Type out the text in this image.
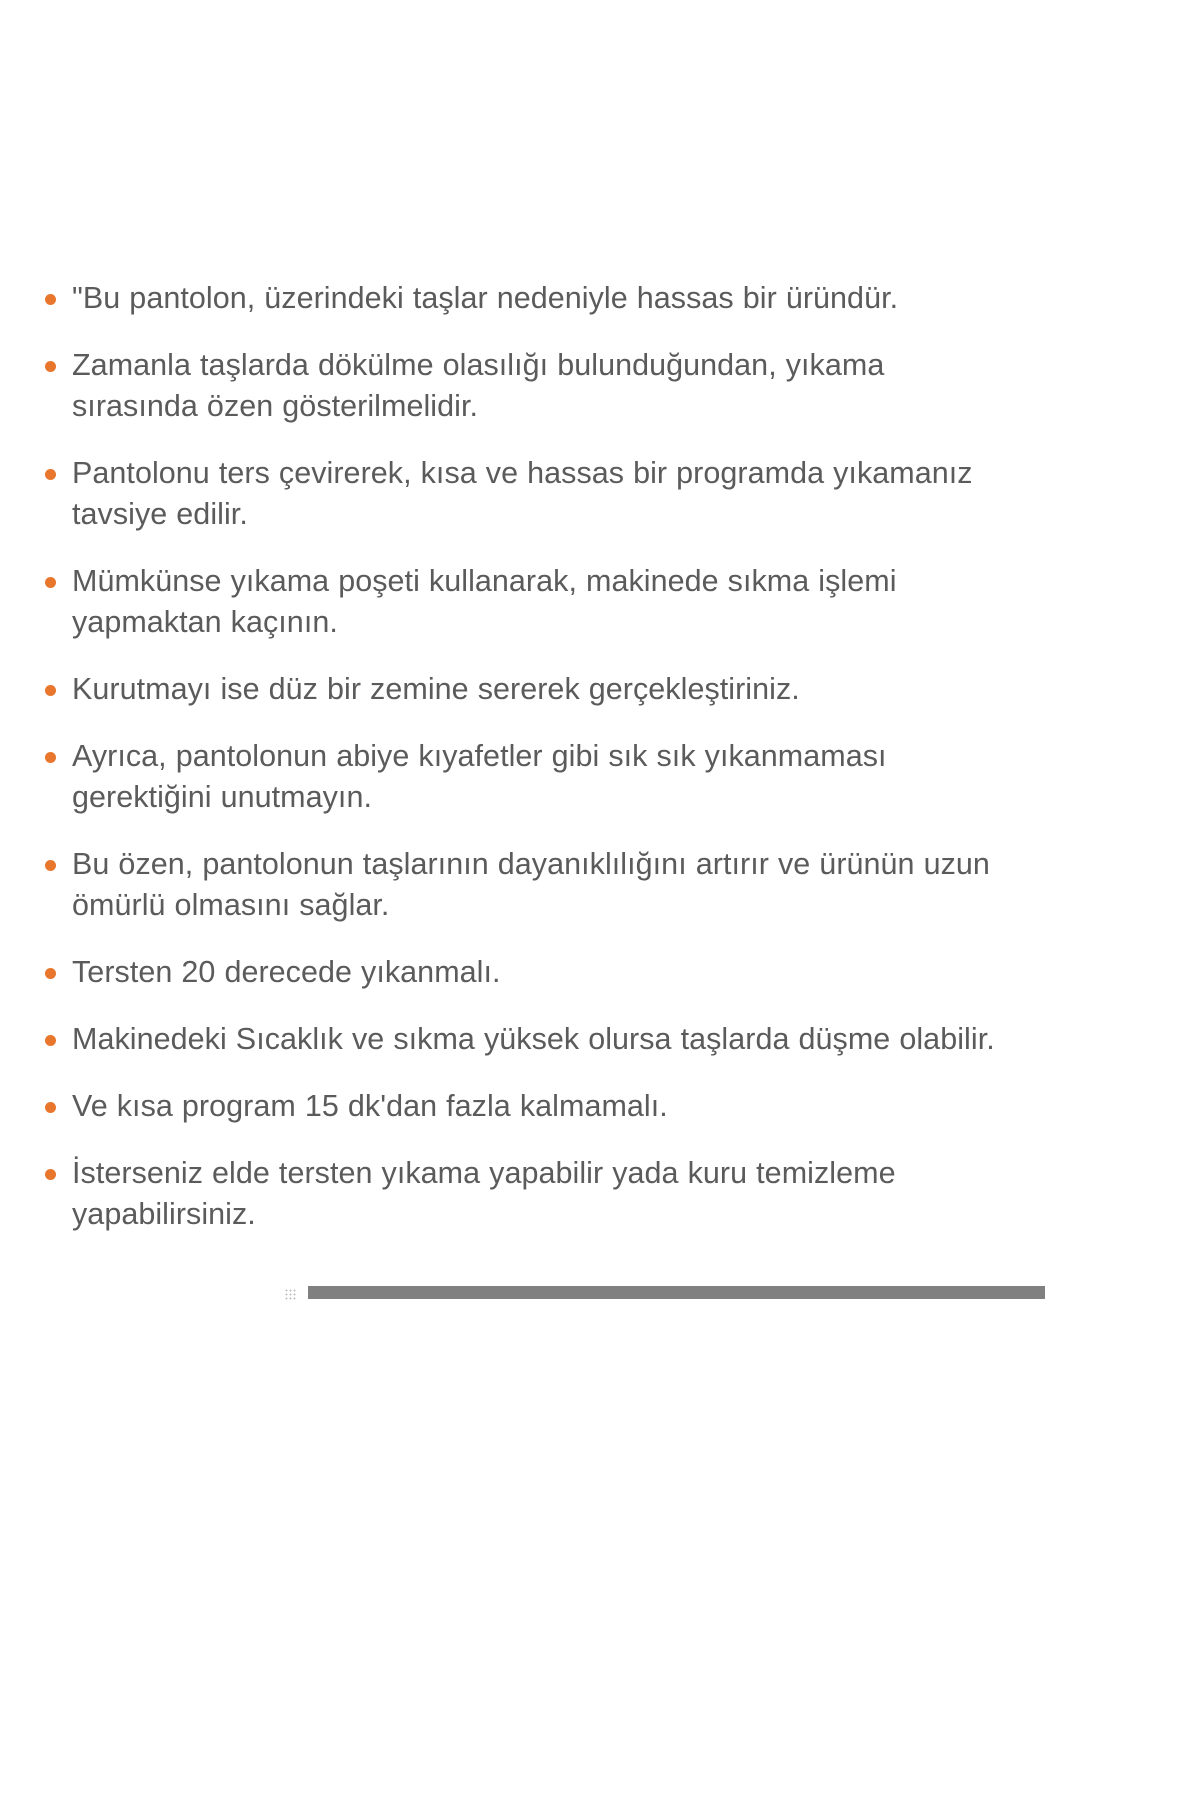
"Bu pantolon, üzerindeki taşlar nedeniyle hassas bir üründür.
Zamanla taşlarda dökülme olasılığı bulunduğundan, yıkama sırasında özen gösterilmelidir.
Pantolonu ters çevirerek, kısa ve hassas bir programda yıkamanız tavsiye edilir.
Mümkünse yıkama poşeti kullanarak, makinede sıkma işlemi yapmaktan kaçının.
Kurutmayı ise düz bir zemine sererek gerçekleştiriniz.
Ayrıca, pantolonun abiye kıyafetler gibi sık sık yıkanmaması gerektiğini unutmayın.
Bu özen, pantolonun taşlarının dayanıklılığını artırır ve ürünün uzun ömürlü olmasını sağlar.
Tersten 20 derecede yıkanmalı.
Makinedeki Sıcaklık ve sıkma yüksek olursa taşlarda düşme olabilir.
Ve kısa program 15 dk'dan fazla kalmamalı.
İsterseniz elde tersten yıkama yapabilir yada kuru temizleme yapabilirsiniz.
